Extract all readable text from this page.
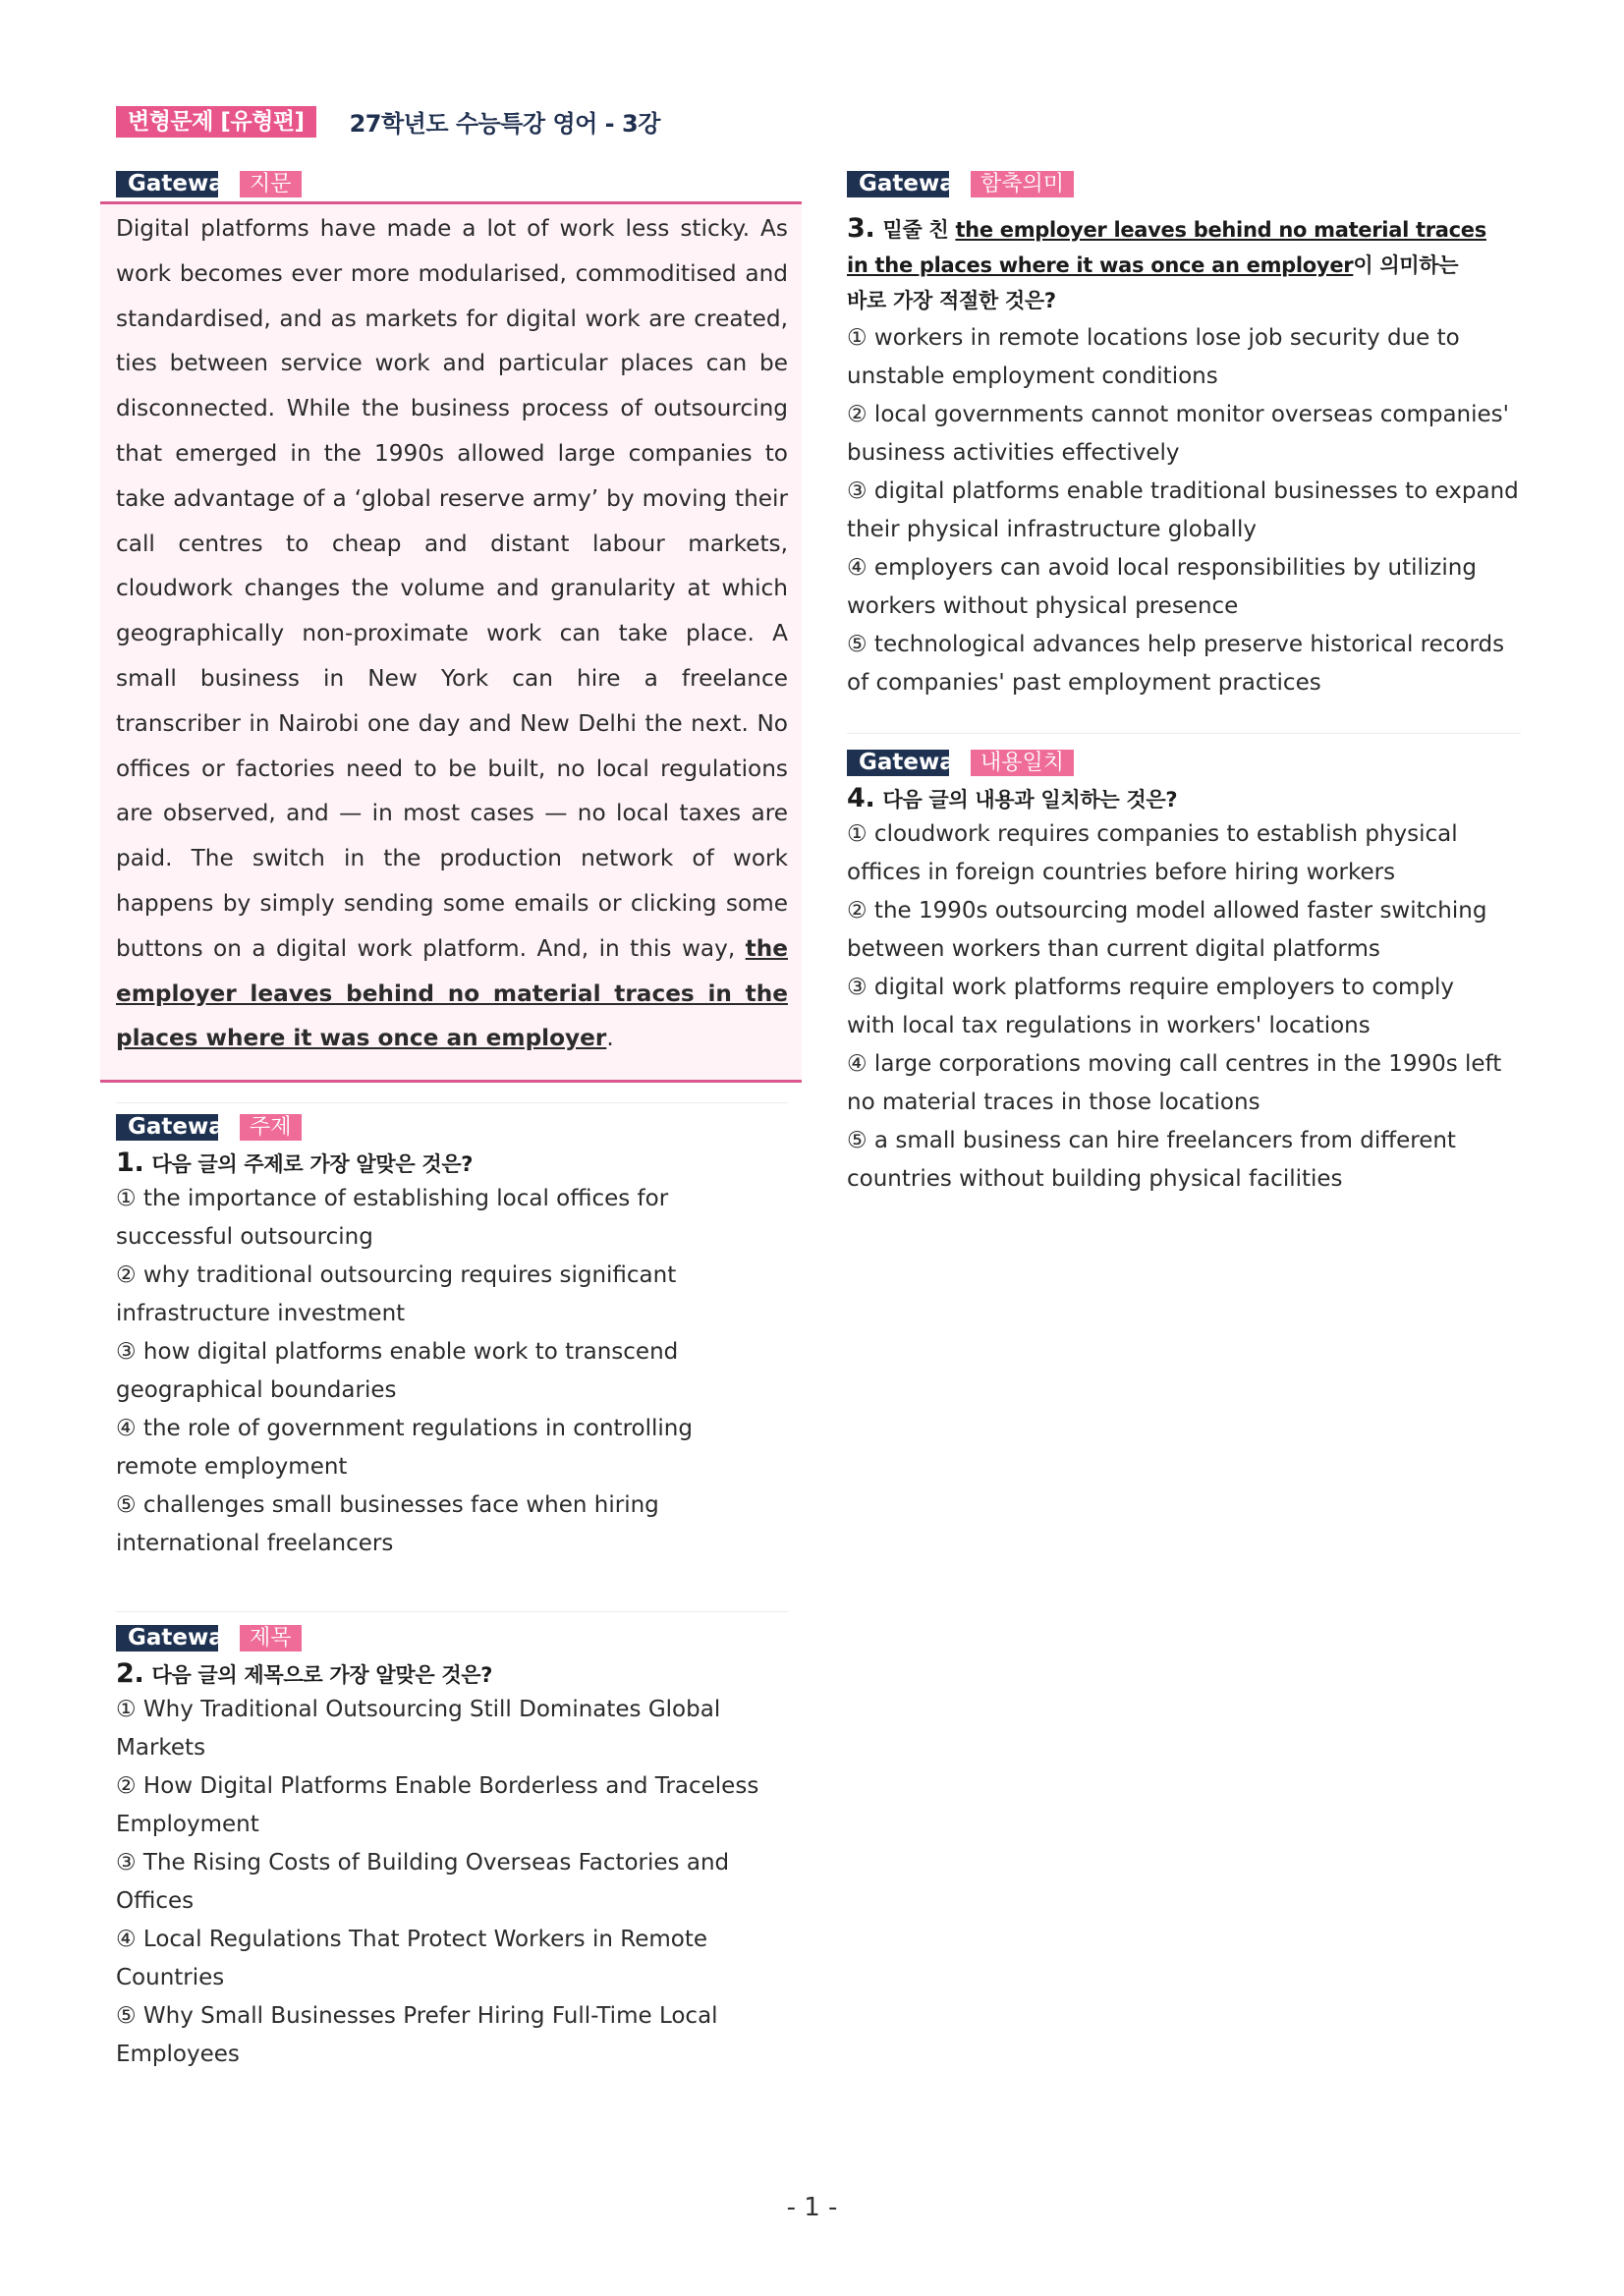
변형문제 [유형편]	27학년도 수능특강 영어 - 3강
Gateway 지문
Digital platforms have made a lot of work less sticky. As work becomes ever more modularised, commoditised and standardised, and as markets for digital work are created, ties between service work and particular places can be disconnected. While the business process of outsourcing that emerged in the 1990s allowed large companies to take advantage of a ‘global reserve army’ by moving their call centres to cheap and distant labour markets, cloudwork changes the volume and granularity at which geographically non-proximate work can take place. A small business in New York can hire a freelance transcriber in Nairobi one day and New Delhi the next. No offices or factories need to be built, no local regulations are observed, and — in most cases — no local taxes are paid. The switch in the production network of work happens by simply sending some emails or clicking some buttons on a digital work platform. And, in this way, the employer leaves behind no material traces in the places where it was once an employer.
Gateway 주제
1. 다음 글의 주제로 가장 알맞은 것은?
① the importance of establishing local offices for
successful outsourcing
② why traditional outsourcing requires significant
infrastructure investment
③ how digital platforms enable work to transcend
geographical boundaries
④ the role of government regulations in controlling
remote employment
⑤ challenges small businesses face when hiring
international freelancers
Gateway 제목
2. 다음 글의 제목으로 가장 알맞은 것은?
① Why Traditional Outsourcing Still Dominates Global
Markets
② How Digital Platforms Enable Borderless and Traceless
Employment
③ The Rising Costs of Building Overseas Factories and
Offices
④ Local Regulations That Protect Workers in Remote
Countries
⑤ Why Small Businesses Prefer Hiring Full-Time Local
Employees
Gateway 함축의미
3. 밑줄 친 the employer leaves behind no material traces
in the places where it was once an employer이 의미하는
바로 가장 적절한 것은?
① workers in remote locations lose job security due to
unstable employment conditions
② local governments cannot monitor overseas companies'
business activities effectively
③ digital platforms enable traditional businesses to expand
their physical infrastructure globally
④ employers can avoid local responsibilities by utilizing
workers without physical presence
⑤ technological advances help preserve historical records
of companies' past employment practices
Gateway 내용일치
4. 다음 글의 내용과 일치하는 것은?
① cloudwork requires companies to establish physical
offices in foreign countries before hiring workers
② the 1990s outsourcing model allowed faster switching
between workers than current digital platforms
③ digital work platforms require employers to comply
with local tax regulations in workers' locations
④ large corporations moving call centres in the 1990s left
no material traces in those locations
⑤ a small business can hire freelancers from different
countries without building physical facilities
- 1 -
